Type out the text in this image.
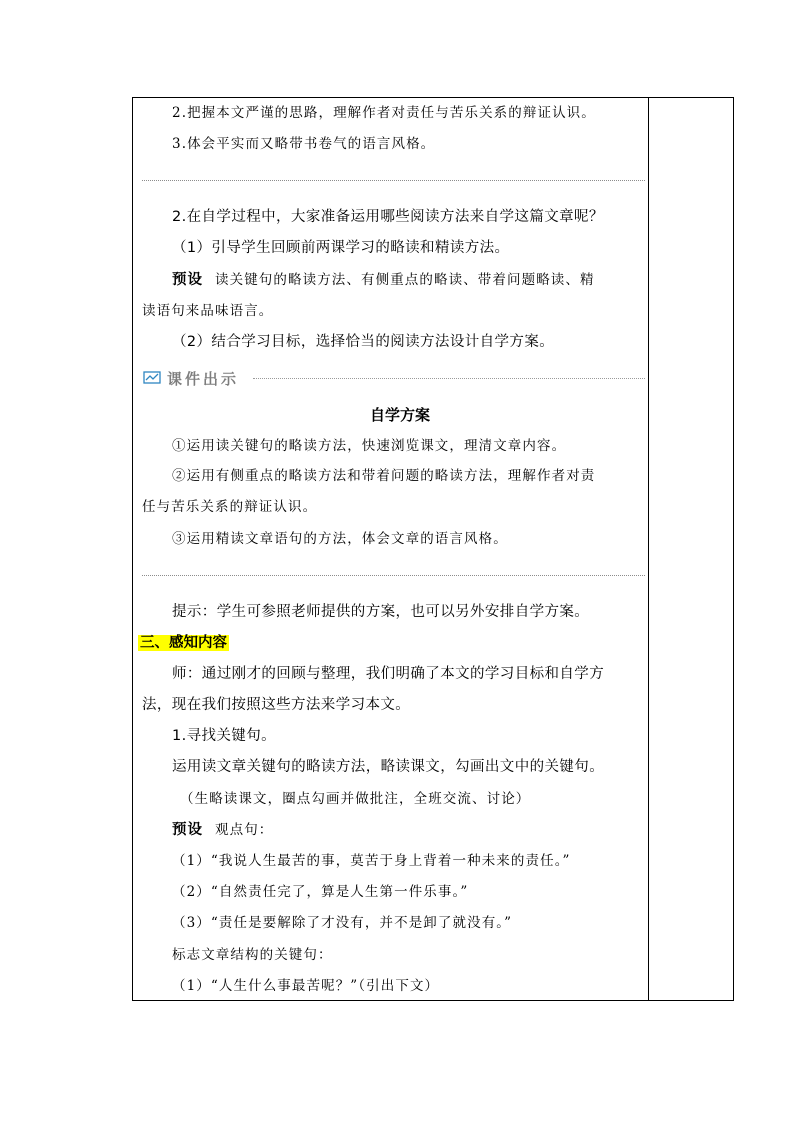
2.把握本文严谨的思路，理解作者对责任与苦乐关系的辩证认识。
3.体会平实而又略带书卷气的语言风格。
2.在自学过程中，大家准备运用哪些阅读方法来自学这篇文章呢？
（1）引导学生回顾前两课学习的略读和精读方法。
预设 读关键句的略读方法、有侧重点的略读、带着问题略读、精
读语句来品味语言。
（2）结合学习目标，选择恰当的阅读方法设计自学方案。
课件出示
自学方案
①运用读关键句的略读方法，快速浏览课文，理清文章内容。
②运用有侧重点的略读方法和带着问题的略读方法，理解作者对责
任与苦乐关系的辩证认识。
③运用精读文章语句的方法，体会文章的语言风格。
提示：学生可参照老师提供的方案，也可以另外安排自学方案。
三、感知内容
师：通过刚才的回顾与整理，我们明确了本文的学习目标和自学方
法，现在我们按照这些方法来学习本文。
1.寻找关键句。
运用读文章关键句的略读方法，略读课文，勾画出文中的关键句。
（生略读课文，圈点勾画并做批注，全班交流、讨论）
预设 观点句：
（1）“我说人生最苦的事，莫苦于身上背着一种未来的责任。”
（2）“自然责任完了，算是人生第一件乐事。”
（3）“责任是要解除了才没有，并不是卸了就没有。”
标志文章结构的关键句：
（1）“人生什么事最苦呢？”（引出下文）
